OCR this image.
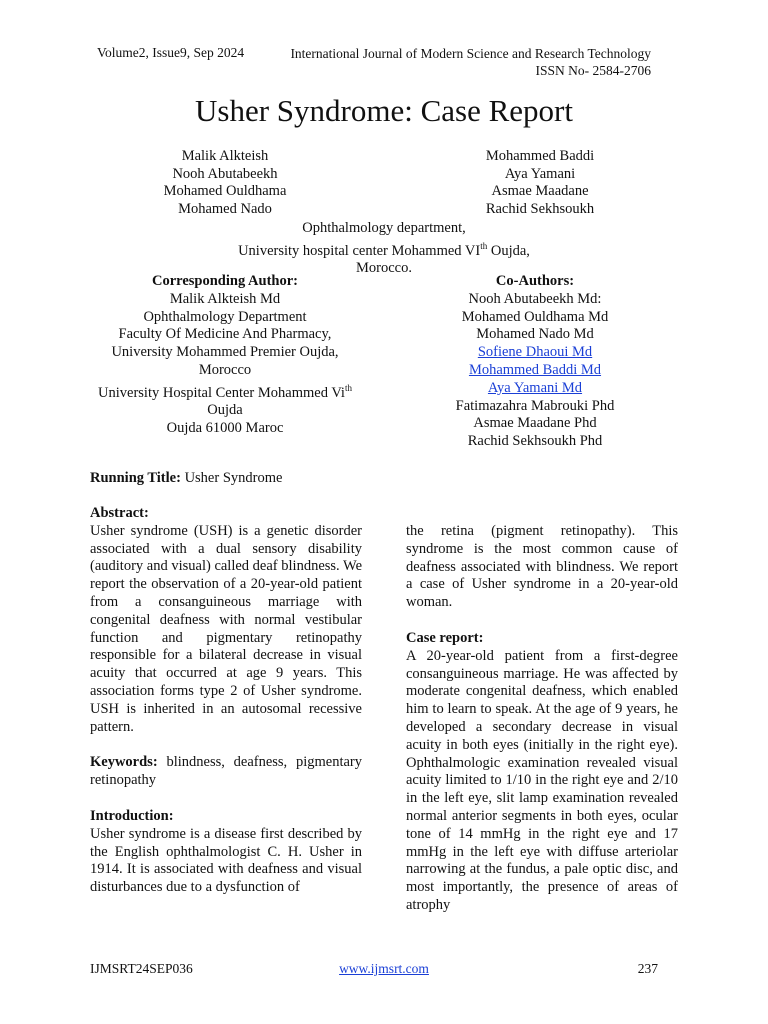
Volume2, Issue9, Sep 2024	International Journal of Modern Science and Research Technology
ISSN No- 2584-2706
Usher Syndrome: Case Report
Malik Alkteish
Nooh Abutabeekh
Mohamed Ouldhama
Mohamed Nado
Mohammed Baddi
Aya Yamani
Asmae Maadane
Rachid Sekhsoukh
Ophthalmology department,
University hospital center Mohammed VIth Oujda,
Morocco.
Corresponding Author:
Malik Alkteish Md
Ophthalmology Department
Faculty Of Medicine And Pharmacy,
University Mohammed Premier Oujda,
Morocco
University Hospital Center Mohammed $Vi^{th}$
Oujda
Oujda 61000 Maroc
Co-Authors:
Nooh Abutabeekh Md:
Mohamed Ouldhama Md
Mohamed Nado Md
Sofiene Dhaoui Md
Mohammed Baddi Md
Aya Yamani Md
Fatimazahra Mabrouki Phd
Asmae Maadane Phd
Rachid Sekhsoukh Phd
Running Title: Usher Syndrome
Abstract:

Usher syndrome (USH) is a genetic disorder associated with a dual sensory disability (auditory and visual) called deaf blindness. We report the observation of a 20-year-old patient from a consanguineous marriage with congenital deafness with normal vestibular function and pigmentary retinopathy responsible for a bilateral decrease in visual acuity that occurred at age 9 years. This association forms type 2 of Usher syndrome. USH is inherited in an autosomal recessive pattern.

Keywords: blindness, deafness, pigmentary retinopathy

Introduction:

Usher syndrome is a disease first described by the English ophthalmologist C. H. Usher in 1914. It is associated with deafness and visual disturbances due to a dysfunction of

the retina (pigment retinopathy). This syndrome is the most common cause of deafness associated with blindness. We report a case of Usher syndrome in a 20-year-old woman.

Case report:

A 20-year-old patient from a first-degree consanguineous marriage. He was affected by moderate congenital deafness, which enabled him to learn to speak. At the age of 9 years, he developed a secondary decrease in visual acuity in both eyes (initially in the right eye). Ophthalmologic examination revealed visual acuity limited to 1/10 in the right eye and 2/10 in the left eye, slit lamp examination revealed normal anterior segments in both eyes, ocular tone of 14 mmHg in the right eye and 17 mmHg in the left eye with diffuse arteriolar narrowing at the fundus, a pale optic disc, and most importantly, the presence of areas of atrophy

IJMSRT24SEP036	www.ijmsrt.com	237
